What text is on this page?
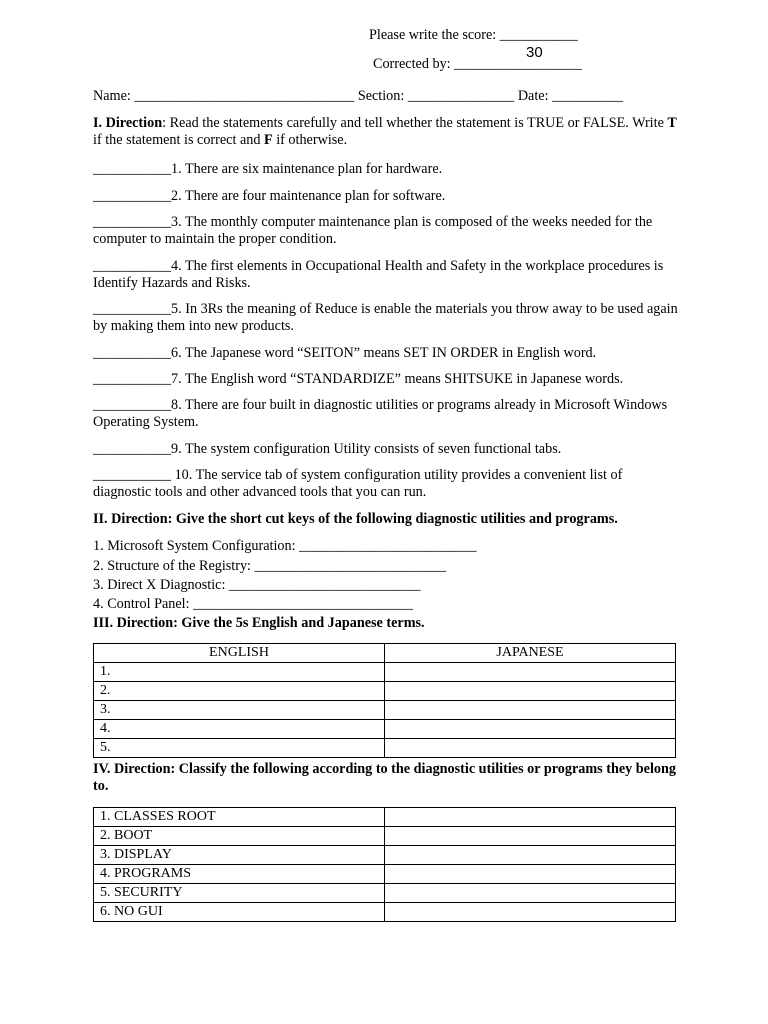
Please write the score: ___________
30
Corrected by: __________________
Name: _______________________________ Section: _______________ Date: __________
I. Direction: Read the statements carefully and tell whether the statement is TRUE or FALSE. Write T if the statement is correct and F if otherwise.
___________1. There are six maintenance plan for hardware.
___________2. There are four maintenance plan for software.
___________3. The monthly computer maintenance plan is composed of the weeks needed for the computer to maintain the proper condition.
___________4. The first elements in Occupational Health and Safety in the workplace procedures is Identify Hazards and Risks.
___________5. In 3Rs the meaning of Reduce is enable the materials you throw away to be used again by making them into new products.
___________6. The Japanese word “SEITON” means SET IN ORDER in English word.
___________7. The English word “STANDARDIZE” means SHITSUKE in Japanese words.
___________8. There are four built in diagnostic utilities or programs already in Microsoft Windows Operating System.
___________9. The system configuration Utility consists of seven functional tabs.
___________ 10. The service tab of system configuration utility provides a convenient list of diagnostic tools and other advanced tools that you can run.
II. Direction: Give the short cut keys of the following diagnostic utilities and programs.
1. Microsoft System Configuration: _________________________
2. Structure of the Registry: ___________________________
3. Direct X Diagnostic: ___________________________
4. Control Panel: _______________________________
III. Direction: Give the 5s English and Japanese terms.
ENGLISH	JAPANESE
1.	
2.	
3.	
4.	
5.	
IV. Direction: Classify the following according to the diagnostic utilities or programs they belong to.
1. CLASSES ROOT	
2. BOOT	
3. DISPLAY	
4. PROGRAMS	
5. SECURITY	
6. NO GUI	
